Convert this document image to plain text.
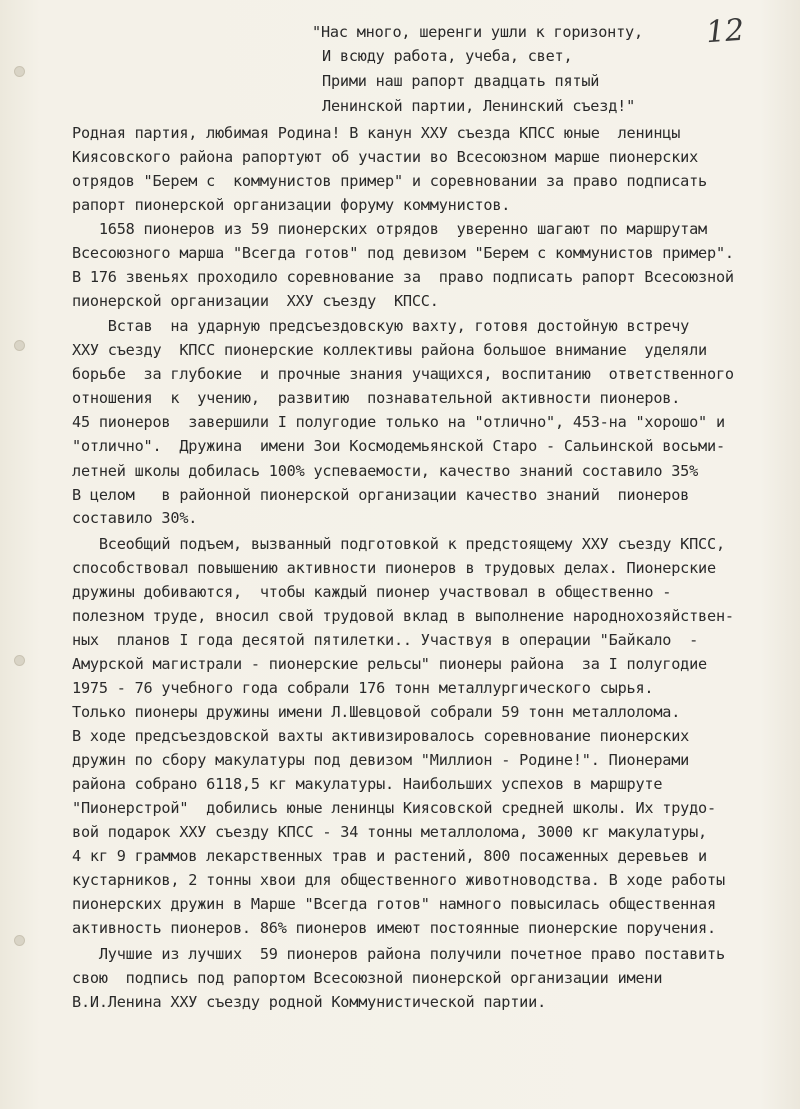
12
"Нас много, шеренги ушли к горизонту,
И всюду работа, учеба, свет,
Прими наш рапорт двадцать пятый
Ленинской партии, Ленинский съезд!"
Родная партия, любимая Родина! В канун XXУ съезда КПСС юные  ленинцы
Киясовского района рапортуют об участии во Всесоюзном марше пионерских
отрядов "Берем с  коммунистов пример" и соревновании за право подписать
рапорт пионерской организации форуму коммунистов.
1658 пионеров из 59 пионерских отрядов  уверенно шагают по маршрутам
Всесоюзного марша "Всегда готов" под девизом "Берем с коммунистов пример".
В 176 звеньях проходило соревнование за  право подписать рапорт Всесоюзной
пионерской организации  XXУ съезду  КПСС.
Встав  на ударную предсъездовскую вахту, готовя достойную встречу
XXУ съезду  КПСС пионерские коллективы района большое внимание  уделяли
борьбе  за глубокие  и прочные знания учащихся, воспитанию  ответственного
отношения  к  учению,  развитию  познавательной активности пионеров.
45 пионеров  завершили I полугодие только на "отлично", 453-на "хорошо" и
"отлично".  Дружина  имени Зои Космодемьянской Старо - Сальинской восьми-
летней школы добилась 100% успеваемости, качество знаний составило 35%
В целом   в районной пионерской организации качество знаний  пионеров
составило 30%.
Всеобщий подъем, вызванный подготовкой к предстоящему XXУ съезду КПСС,
способствовал повышению активности пионеров в трудовых делах. Пионерские
дружины добиваются,  чтобы каждый пионер участвовал в общественно -
полезном труде, вносил свой трудовой вклад в выполнение народнохозяйствен-
ных  планов I года десятой пятилетки.. Участвуя в операции "Байкало  -
Амурской магистрали - пионерские рельсы" пионеры района  за I полугодие
1975 - 76 учебного года собрали 176 тонн металлургического сырья.
Только пионеры дружины имени Л.Шевцовой собрали 59 тонн металлолома.
В ходе предсъездовской вахты активизировалось соревнование пионерских
дружин по сбору макулатуры под девизом "Миллион - Родине!". Пионерами
района собрано 6118,5 кг макулатуры. Наибольших успехов в маршруте
"Пионерстрой"  добились юные ленинцы Киясовской средней школы. Их трудо-
вой подарок XXУ съезду КПСС - 34 тонны металлолома, 3000 кг макулатуры,
4 кг 9 граммов лекарственных трав и растений, 800 посаженных деревьев и
кустарников, 2 тонны хвои для общественного животноводства. В ходе работы
пионерских дружин в Марше "Всегда готов" намного повысилась общественная
активность пионеров. 86% пионеров имеют постоянные пионерские поручения.
Лучшие из лучших  59 пионеров района получили почетное право поставить
свою  подпись под рапортом Всесоюзной пионерской организации имени
В.И.Ленина XXУ съезду родной Коммунистической партии.
